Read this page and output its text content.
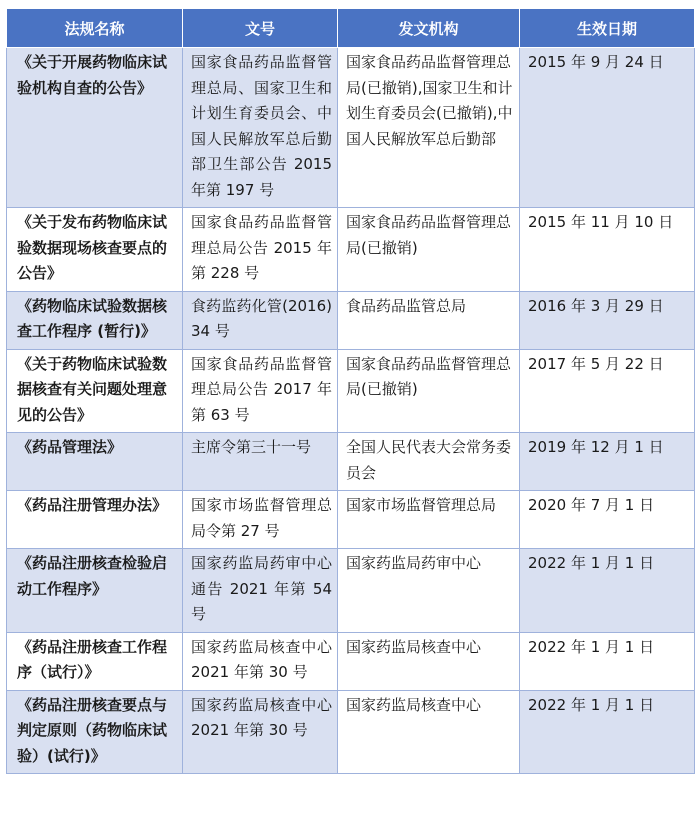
法规名称	文号	发文机构	生效日期
《关于开展药物临床试验机构自查的公告》	国家食品药品监督管理总局、国家卫生和计划生育委员会、中国人民解放军总后勤部卫生部公告 2015 年第 197 号	国家食品药品监督管理总局(已撤销),国家卫生和计划生育委员会(已撤销),中国人民解放军总后勤部	2015 年 9 月 24 日
《关于发布药物临床试验数据现场核查要点的公告》	国家食品药品监督管理总局公告 2015 年第 228 号	国家食品药品监督管理总局(已撤销)	2015 年 11 月 10 日
《药物临床试验数据核查工作程序 (暂行)》	食药监药化管(2016)34 号	食品药品监管总局	2016 年 3 月 29 日
《关于药物临床试验数据核查有关问题处理意见的公告》	国家食品药品监督管理总局公告 2017 年第 63 号	国家食品药品监督管理总局(已撤销)	2017 年 5 月 22 日
《药品管理法》	主席令第三十一号	全国人民代表大会常务委员会	2019 年 12 月 1 日
《药品注册管理办法》	国家市场监督管理总局令第 27 号	国家市场监督管理总局	2020 年 7 月 1 日
《药品注册核查检验启动工作程序》	国家药监局药审中心通告 2021 年第 54 号	国家药监局药审中心	2022 年 1 月 1 日
《药品注册核查工作程序（试行）》	国家药监局核查中心 2021 年第 30 号	国家药监局核查中心	2022 年 1 月 1 日
《药品注册核查要点与判定原则（药物临床试验）(试行)》	国家药监局核查中心 2021 年第 30 号	国家药监局核查中心	2022 年 1 月 1 日
